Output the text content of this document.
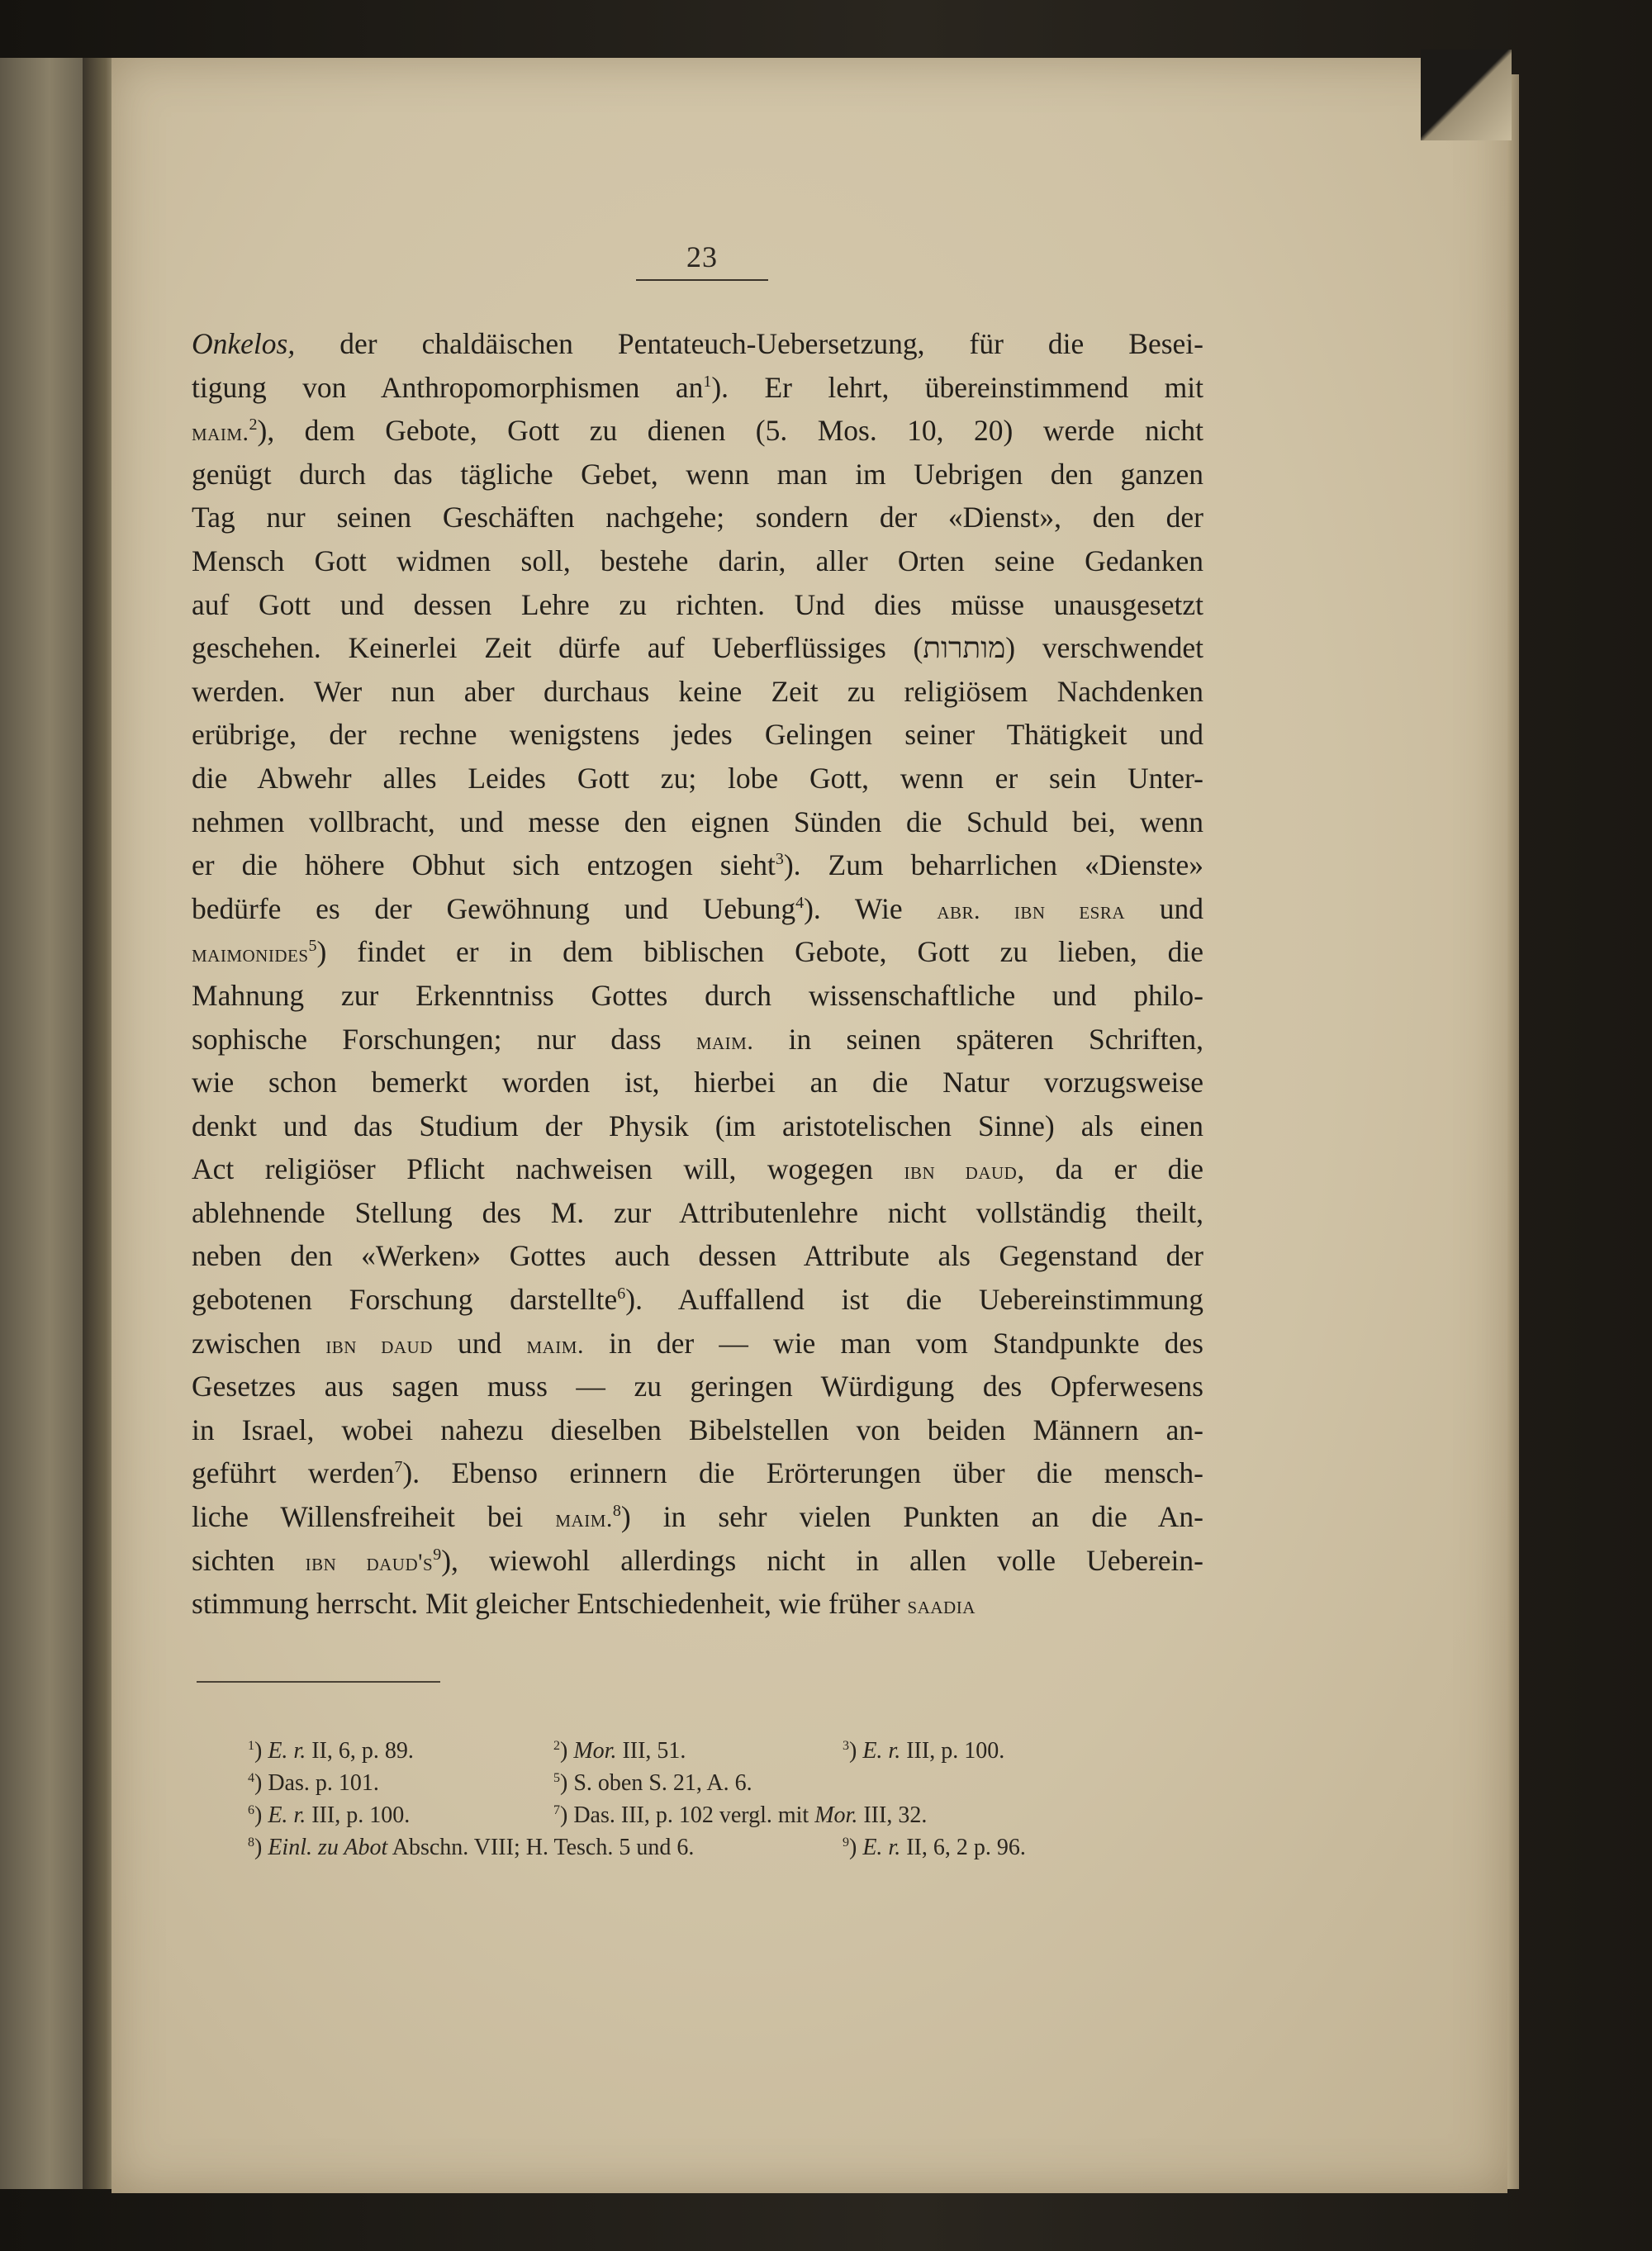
23
Onkelos, der chaldäischen Pentateuch-Uebersetzung, für die Besei-
tigung von Anthropomorphismen $an^1$). Er lehrt, übereinstimmend mit
maim.$^2$), dem Gebote, Gott zu dienen (5. Mos. 10, 20) werde nicht
genügt durch das tägliche Gebet, wenn man im Uebrigen den ganzen
Tag nur seinen Geschäften nachgehe; sondern der «Dienst», den der
Mensch Gott widmen soll, bestehe darin, aller Orten seine Gedanken
auf Gott und dessen Lehre zu richten. Und dies müsse unausgesetzt
geschehen. Keinerlei Zeit dürfe auf Ueberflüssiges (מותרות) verschwendet
werden. Wer nun aber durchaus keine Zeit zu religiösem Nachdenken
erübrige, der rechne wenigstens jedes Gelingen seiner Thätigkeit und
die Abwehr alles Leides Gott zu; lobe Gott, wenn er sein Unter-
nehmen vollbracht, und messe den eignen Sünden die Schuld bei, wenn
er die höhere Obhut sich entzogen sieht$^3$). Zum beharrlichen «Dienste»
bedürfe es der Gewöhnung und Uebung$^4$). Wie abr. ibn esra und
maimonides$^5$) findet er in dem biblischen Gebote, Gott zu lieben, die
Mahnung zur Erkenntniss Gottes durch wissenschaftliche und philo-
sophische Forschungen; nur dass maim. in seinen späteren Schriften,
wie schon bemerkt worden ist, hierbei an die Natur vorzugsweise
denkt und das Studium der Physik (im aristotelischen Sinne) als einen
Act religiöser Pflicht nachweisen will, wogegen ibn daud, da er die
ablehnende Stellung des M. zur Attributenlehre nicht vollständig theilt,
neben den «Werken» Gottes auch dessen Attribute als Gegenstand der
gebotenen Forschung darstellte$^6$). Auffallend ist die Uebereinstimmung
zwischen ibn daud und maim. in der — wie man vom Standpunkte des
Gesetzes aus sagen muss — zu geringen Würdigung des Opferwesens
in Israel, wobei nahezu dieselben Bibelstellen von beiden Männern an-
geführt werden$^7$). Ebenso erinnern die Erörterungen über die mensch-
liche Willensfreiheit bei maim.$^8$) in sehr vielen Punkten an die An-
sichten ibn $daud's^9$), wiewohl allerdings nicht in allen volle Ueberein-
stimmung herrscht. Mit gleicher Entschiedenheit, wie früher saadia
$^1$) E. r. II, 6, p. 89.	$^2$) Mor. III, 51.	$^3$) E. r. III, p. 100.
$^4$) Das. p. 101.	$^5$) S. oben S. 21, A. 6.
$^6$) E. r. III, p. 100.	$^7$) Das. III, p. 102 vergl. mit Mor. III, 32.
$^8$) Einl. zu Abot Abschn. VIII; H. Tesch. 5 und 6.	$^9$) E. r. II, 6, 2 p. 96.
